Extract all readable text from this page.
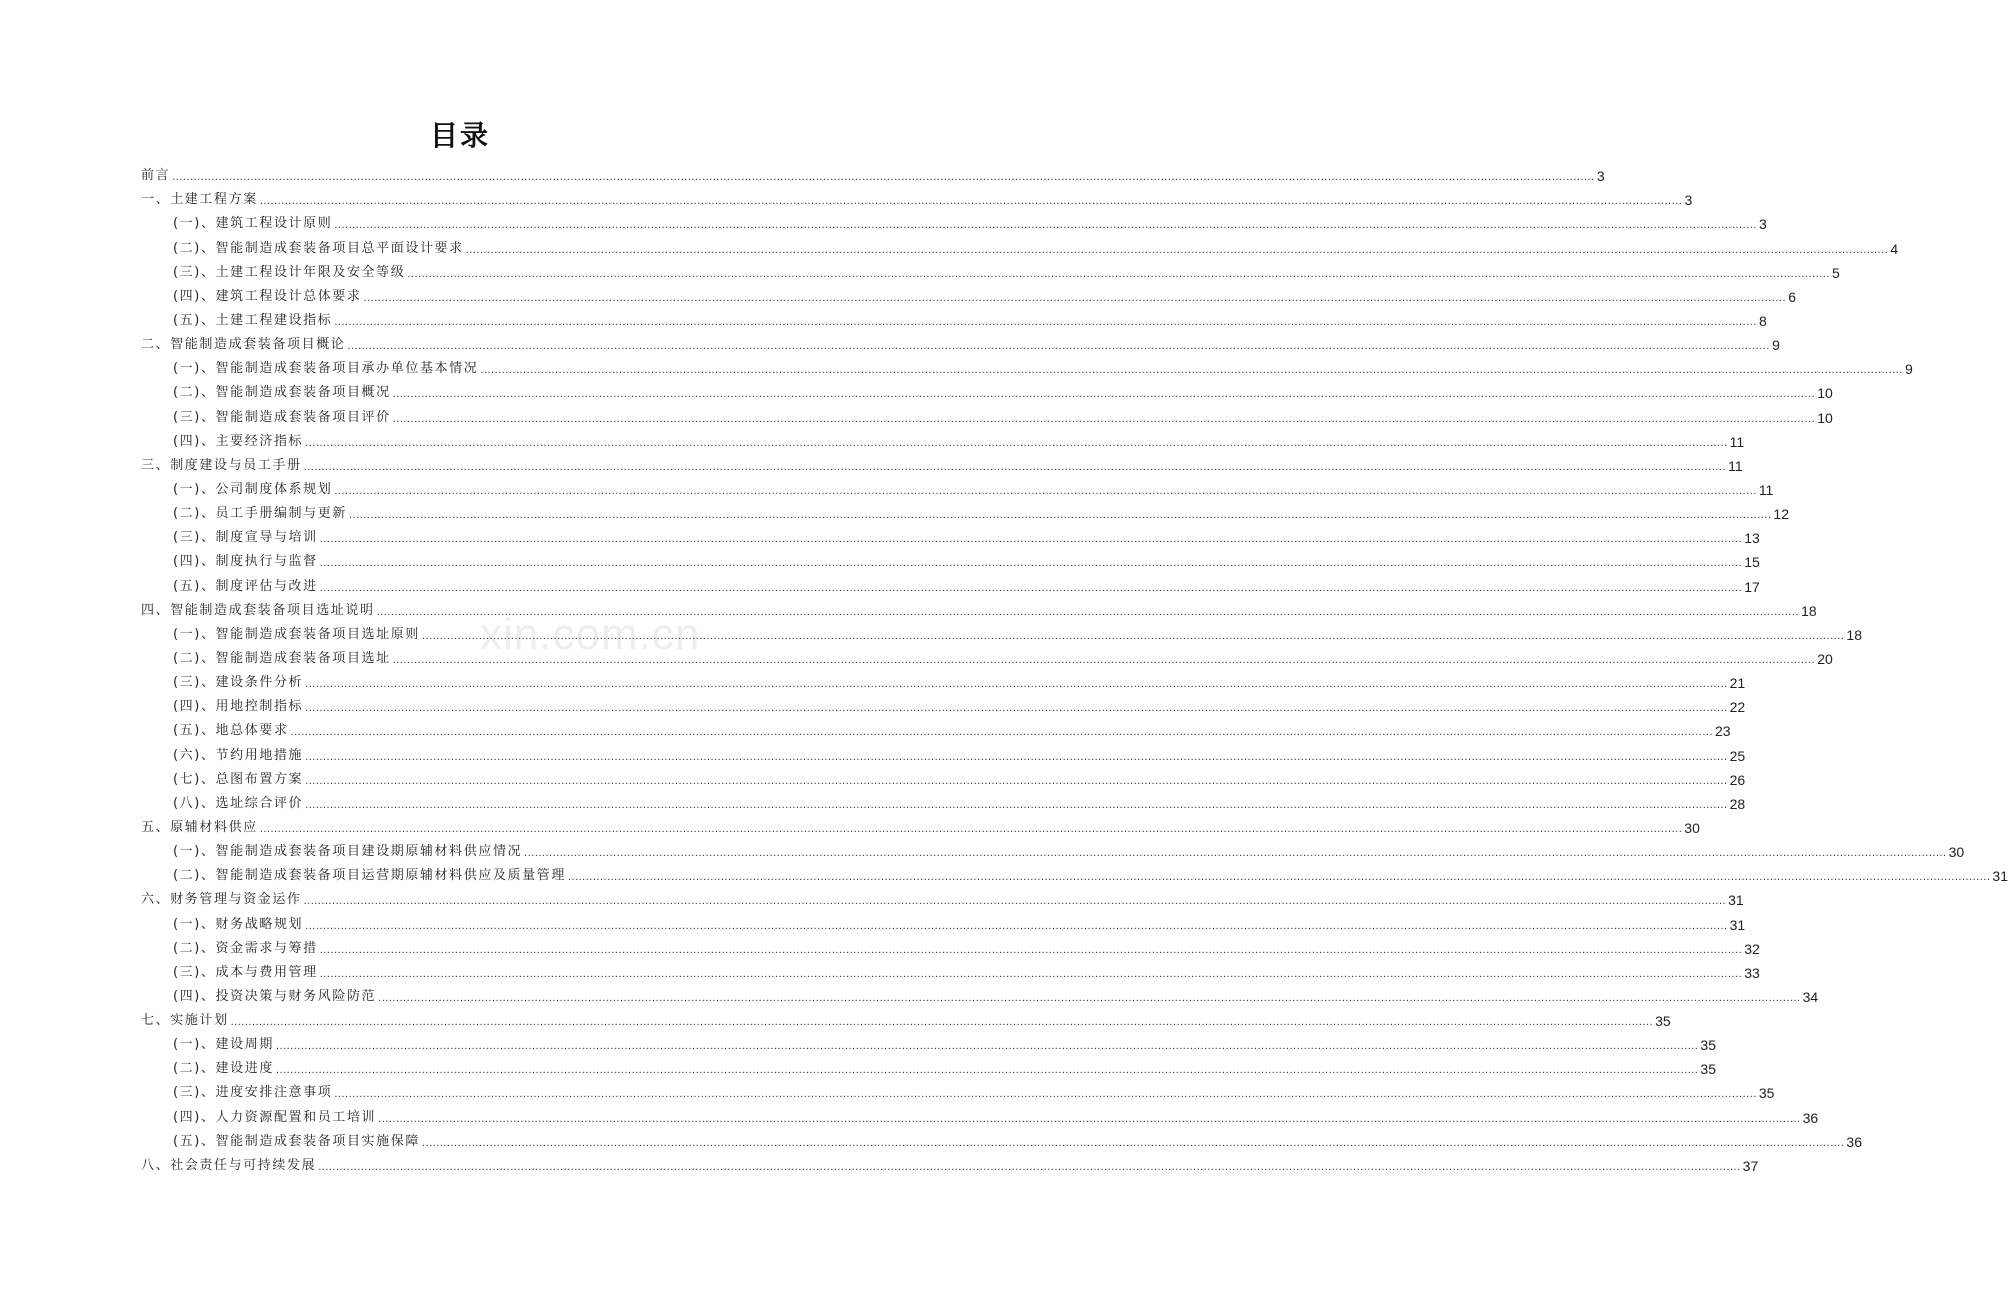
目录
xin.com.cn
前言 ................................................................................................................................................................................................................................................................................................................................................................................................................ 3
一、土建工程方案 ................................................................................................................................................................................................................................................................................................................................................................................................................ 3
(一)、建筑工程设计原则 ................................................................................................................................................................................................................................................................................................................................................................................................................ 3
(二)、智能制造成套装备项目总平面设计要求 ................................................................................................................................................................................................................................................................................................................................................................................................................ 4
(三)、土建工程设计年限及安全等级 ................................................................................................................................................................................................................................................................................................................................................................................................................ 5
(四)、建筑工程设计总体要求 ................................................................................................................................................................................................................................................................................................................................................................................................................ 6
(五)、土建工程建设指标 ................................................................................................................................................................................................................................................................................................................................................................................................................ 8
二、智能制造成套装备项目概论 ................................................................................................................................................................................................................................................................................................................................................................................................................ 9
(一)、智能制造成套装备项目承办单位基本情况 ................................................................................................................................................................................................................................................................................................................................................................................................................ 9
(二)、智能制造成套装备项目概况 ................................................................................................................................................................................................................................................................................................................................................................................................................ 10
(三)、智能制造成套装备项目评价 ................................................................................................................................................................................................................................................................................................................................................................................................................ 10
(四)、主要经济指标 ................................................................................................................................................................................................................................................................................................................................................................................................................ 11
三、制度建设与员工手册 ................................................................................................................................................................................................................................................................................................................................................................................................................ 11
(一)、公司制度体系规划 ................................................................................................................................................................................................................................................................................................................................................................................................................ 11
(二)、员工手册编制与更新 ................................................................................................................................................................................................................................................................................................................................................................................................................ 12
(三)、制度宣导与培训 ................................................................................................................................................................................................................................................................................................................................................................................................................ 13
(四)、制度执行与监督 ................................................................................................................................................................................................................................................................................................................................................................................................................ 15
(五)、制度评估与改进 ................................................................................................................................................................................................................................................................................................................................................................................................................ 17
四、智能制造成套装备项目选址说明 ................................................................................................................................................................................................................................................................................................................................................................................................................ 18
(一)、智能制造成套装备项目选址原则 ................................................................................................................................................................................................................................................................................................................................................................................................................ 18
(二)、智能制造成套装备项目选址 ................................................................................................................................................................................................................................................................................................................................................................................................................ 20
(三)、建设条件分析 ................................................................................................................................................................................................................................................................................................................................................................................................................ 21
(四)、用地控制指标 ................................................................................................................................................................................................................................................................................................................................................................................................................ 22
(五)、地总体要求 ................................................................................................................................................................................................................................................................................................................................................................................................................ 23
(六)、节约用地措施 ................................................................................................................................................................................................................................................................................................................................................................................................................ 25
(七)、总图布置方案 ................................................................................................................................................................................................................................................................................................................................................................................................................ 26
(八)、选址综合评价 ................................................................................................................................................................................................................................................................................................................................................................................................................ 28
五、原辅材料供应 ................................................................................................................................................................................................................................................................................................................................................................................................................ 30
(一)、智能制造成套装备项目建设期原辅材料供应情况 ................................................................................................................................................................................................................................................................................................................................................................................................................ 30
(二)、智能制造成套装备项目运营期原辅材料供应及质量管理 ................................................................................................................................................................................................................................................................................................................................................................................................................ 31
六、财务管理与资金运作 ................................................................................................................................................................................................................................................................................................................................................................................................................ 31
(一)、财务战略规划 ................................................................................................................................................................................................................................................................................................................................................................................................................ 31
(二)、资金需求与筹措 ................................................................................................................................................................................................................................................................................................................................................................................................................ 32
(三)、成本与费用管理 ................................................................................................................................................................................................................................................................................................................................................................................................................ 33
(四)、投资决策与财务风险防范 ................................................................................................................................................................................................................................................................................................................................................................................................................ 34
七、实施计划 ................................................................................................................................................................................................................................................................................................................................................................................................................ 35
(一)、建设周期 ................................................................................................................................................................................................................................................................................................................................................................................................................ 35
(二)、建设进度 ................................................................................................................................................................................................................................................................................................................................................................................................................ 35
(三)、进度安排注意事项 ................................................................................................................................................................................................................................................................................................................................................................................................................ 35
(四)、人力资源配置和员工培训 ................................................................................................................................................................................................................................................................................................................................................................................................................ 36
(五)、智能制造成套装备项目实施保障 ................................................................................................................................................................................................................................................................................................................................................................................................................ 36
八、社会责任与可持续发展 ................................................................................................................................................................................................................................................................................................................................................................................................................ 37
